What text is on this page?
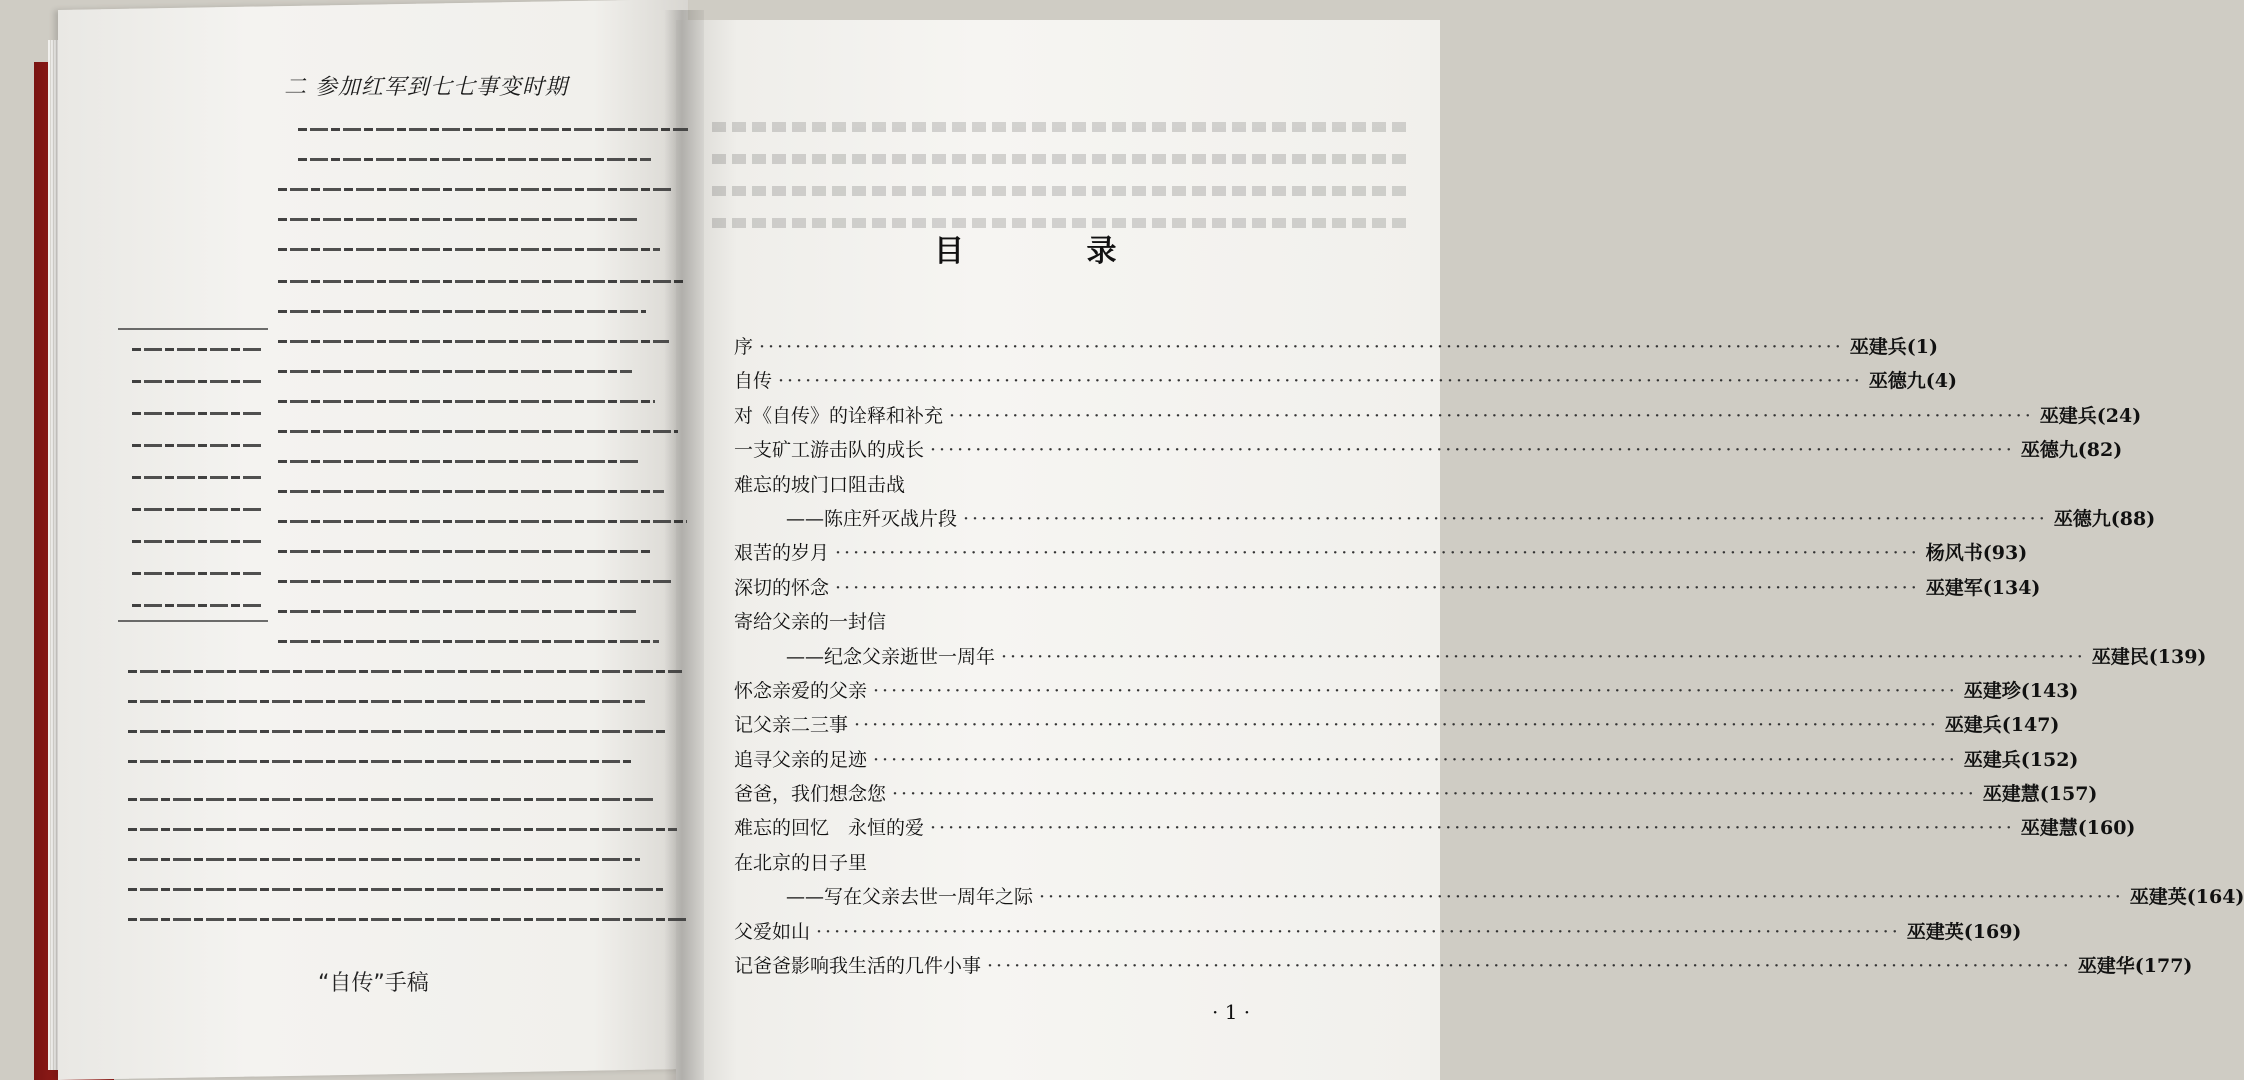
二 参加红军到七七事变时期
“自传”手稿
目 录
序 ························································································································ 巫建兵(1)
自传 ························································································································ 巫德九(4)
对《自传》的诠释和补充 ························································································································ 巫建兵(24)
一支矿工游击队的成长 ························································································································ 巫德九(82)
难忘的坡门口阻击战
——陈庄歼灭战片段 ························································································································ 巫德九(88)
艰苦的岁月 ························································································································ 杨风书(93)
深切的怀念 ························································································································ 巫建军(134)
寄给父亲的一封信
——纪念父亲逝世一周年 ························································································································ 巫建民(139)
怀念亲爱的父亲 ························································································································ 巫建珍(143)
记父亲二三事 ························································································································ 巫建兵(147)
追寻父亲的足迹 ························································································································ 巫建兵(152)
爸爸，我们想念您 ························································································································ 巫建慧(157)
难忘的回忆　永恒的爱 ························································································································ 巫建慧(160)
在北京的日子里
——写在父亲去世一周年之际 ························································································································ 巫建英(164)
父爱如山 ························································································································ 巫建英(169)
记爸爸影响我生活的几件小事 ························································································································ 巫建华(177)
· 1 ·
